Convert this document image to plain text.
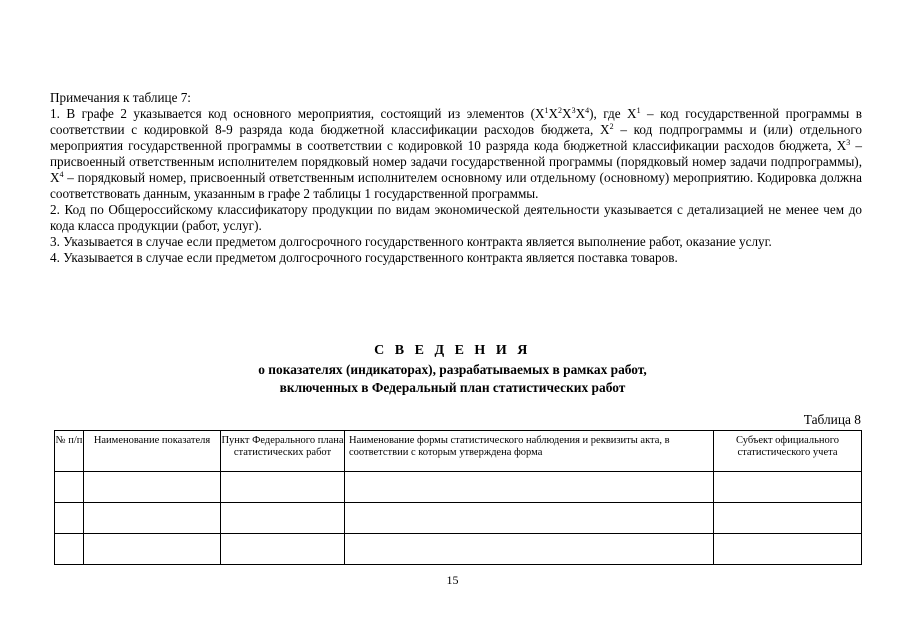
Примечания к таблице 7:

1. В графе 2 указывается код основного мероприятия, состоящий из элементов $(X^1X^2X^3X^4)$, где $X^1$ – код государственной программы в соответствии с кодировкой 8-9 разряда кода бюджетной классификации расходов бюджета, $X^2$ – код подпрограммы и (или) отдельного мероприятия государственной программы в соответствии с кодировкой 10 разряда кода бюджетной классификации расходов бюджета, $X^3$ – присвоенный ответственным исполнителем порядковый номер задачи государственной программы (порядковый номер задачи подпрограммы), $X^4$ – порядковый номер, присвоенный ответственным исполнителем основному или отдельному (основному) мероприятию. Кодировка должна соответствовать данным, указанным в графе 2 таблицы 1 государственной программы.

2. Код по Общероссийскому классификатору продукции по видам экономической деятельности указывается с детализацией не менее чем до кода класса продукции (работ, услуг).

3. Указывается в случае если предметом долгосрочного государственного контракта является выполнение работ, оказание услуг.

4. Указывается в случае если предметом долгосрочного государственного контракта является поставка товаров.

С В Е Д Е Н И Я
о показателях (индикаторах), разрабатываемых в рамках работ,
включенных в Федеральный план статистических работ
Таблица 8
№ п/п	Наименование показателя	Пункт Федерального плана статистических работ	Наименование формы статистического наблюдения и реквизиты акта, в соответствии с которым утверждена форма	Субъект официального статистического учета

15
